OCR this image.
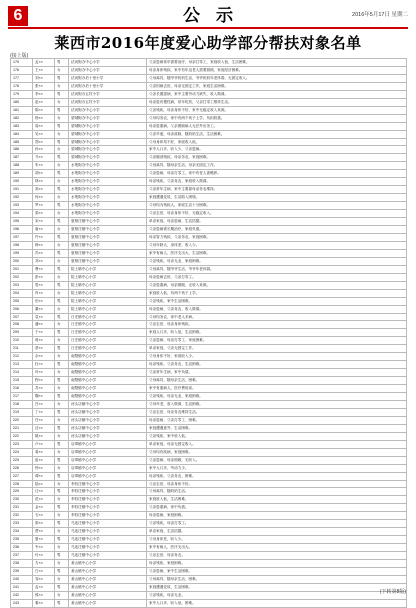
6	公示	2016年5月17日 星期二
莱西市2016年度爱心助学部分帮扶对象名单
(接上版)
175	孟××	男	沽河街办中心小学	父亲患病常年需要治疗，母亲打零工，家庭收入低，生活困难。
176	王××	女	沽河街办中心小学	母亲身体残疾，家中有年迈老人需要照顾，家庭经济困难。
177	刘××	男	沽河街办后十里小学	父母离异，随爷爷奶奶生活，爷爷奶奶年老体弱，无固定收入。
178	张××	女	沽河街办后十里小学	父亲因病去世，母亲无固定工作，家庭生活困难。
179	李××	男	沽河街办五村小学	父亲长期患病，家中主要劳动力缺失，收入微薄。
180	赵××	女	沽河街办五村小学	母亲患有慢性病，常年吃药，父亲打零工维持生活。
181	陈××	男	沽河街办中心小学	父亲残疾，母亲身体不好，家中无稳定收入来源。
182	杨××	女	望城街办中心小学	父母均务农，家中有两个孩子上学，负担较重。
183	周××	男	望城街办中心小学	母亲患重病，父亲照顾病人无法外出务工。
184	吴××	女	望城街办中心小学	父亲早逝，母亲改嫁，随奶奶生活，生活困难。
185	郑××	男	望城街办中心小学	父母身体均不好，家庭收入低。
186	孙××	女	望城街办中心小学	家中人口多，收入少，父亲患病。
187	马××	男	望城街办中心小学	父亲腿部残疾，母亲务农，家庭困难。
188	朱××	女	水集街办中心小学	父母离异，随母亲生活，母亲无固定工作。
189	胡××	男	水集街办中心小学	父亲患病，母亲打零工，家中有老人需赡养。
190	林××	女	水集街办中心小学	母亲残疾，父亲务农，家庭收入微薄。
191	高××	男	水集街办中心小学	父亲常年生病，家中主要靠母亲务农维持。
192	何××	女	水集街办中心小学	家庭遭遇变故，生活陷入困境。
193	罗××	男	水集街办中心小学	父母均为残疾人，家庭生活十分困难。
194	梁××	女	水集街办中心小学	父亲去世，母亲身体不好，无稳定收入。
195	宋××	男	夏格庄镇中心小学	单亲家庭，母亲患病，生活拮据。
196	唐××	女	夏格庄镇中心小学	父亲患病需长期治疗，家庭负债。
197	许××	男	夏格庄镇中心小学	母亲智力残疾，父亲务农，家庭困难。
198	韩××	女	夏格庄镇中心小学	父母年龄大，身体差，收入少。
199	冯××	男	夏格庄镇中心小学	家中有病人，医疗支出大，生活困难。
200	邓××	女	夏格庄镇中心小学	父亲残疾，母亲无业，家庭困难。
201	曹××	男	院上镇中心小学	父母离异，随爷爷生活，爷爷年老体弱。
202	彭××	女	院上镇中心小学	母亲患病去世，父亲打零工。
203	曾××	男	院上镇中心小学	父亲患重病，母亲照顾，无收入来源。
204	肖××	女	院上镇中心小学	家庭收入低，有两个孩子上学。
205	田××	男	院上镇中心小学	父亲残疾，家中生活困难。
206	董××	女	院上镇中心小学	母亲患病，父亲务农，收入微薄。
207	袁××	男	日庄镇中心小学	父母均务农，家中老人多病。
208	潘××	女	日庄镇中心小学	父亲去世，母亲身体残疾。
209	于××	男	日庄镇中心小学	家庭人口多，收入低，生活困难。
210	蒋××	女	日庄镇中心小学	父亲患病，母亲打零工，家庭困难。
211	蔡××	男	日庄镇中心小学	单亲家庭，父亲无固定工作。
212	余××	女	南墅镇中心小学	父母身体不好，家庭收入少。
213	杜××	男	南墅镇中心小学	母亲残疾，父亲务农，生活困难。
214	叶××	女	南墅镇中心小学	父亲常年生病，家中负债。
215	程××	男	南墅镇中心小学	父母离异，随母亲生活，困难。
216	苏××	女	南墅镇中心小学	家中有重病人，医疗费用高。
217	魏××	男	南墅镇中心小学	父亲残疾，母亲无业，家庭困难。
218	吕××	女	河头店镇中心小学	父母年老，收入微薄，生活困难。
219	丁××	男	河头店镇中心小学	父亲去世，母亲务农维持生活。
220	任××	女	河头店镇中心小学	母亲患病，父亲打零工，困难。
221	沈××	男	河头店镇中心小学	家庭遭遇意外，生活困难。
222	姚××	女	河头店镇中心小学	父亲残疾，家中收入低。
223	卢××	男	店埠镇中心小学	单亲家庭，母亲无固定收入。
224	姜××	女	店埠镇中心小学	父母均有疾病，家庭困难。
225	崔××	男	店埠镇中心小学	父亲患病，母亲照顾，无收入。
226	钟××	女	店埠镇中心小学	家中人口多，劳动力少。
227	谭××	男	店埠镇中心小学	母亲残疾，父亲务农，困难。
228	陆××	女	李权庄镇中心小学	父亲去世，母亲身体不好。
229	汪××	男	李权庄镇中心小学	父母离异，随奶奶生活。
230	范××	女	李权庄镇中心小学	家庭收入低，生活困难。
231	金××	男	李权庄镇中心小学	父亲患重病，家中负债。
232	石××	女	李权庄镇中心小学	母亲患病，家庭困难。
233	廖××	男	马连庄镇中心小学	父亲残疾，母亲打零工。
234	贾××	女	马连庄镇中心小学	单亲家庭，生活拮据。
235	夏××	男	马连庄镇中心小学	父母身体差，收入少。
236	韦××	女	马连庄镇中心小学	家中有病人，医疗支出大。
237	付××	男	马连庄镇中心小学	父亲去世，母亲务农。
238	方××	女	姜山镇中心小学	母亲残疾，家庭困难。
239	白××	男	姜山镇中心小学	父亲患病，家中生活困难。
240	邹××	女	姜山镇中心小学	父母离异，随母亲生活，困难。
241	孟××	男	姜山镇中心小学	家庭遭遇变故，生活困难。
242	熊××	女	姜山镇中心小学	父亲残疾，母亲无业。
243	秦××	男	姜山镇中心小学	家中人口多，收入低，困难。
(下转第8版)
